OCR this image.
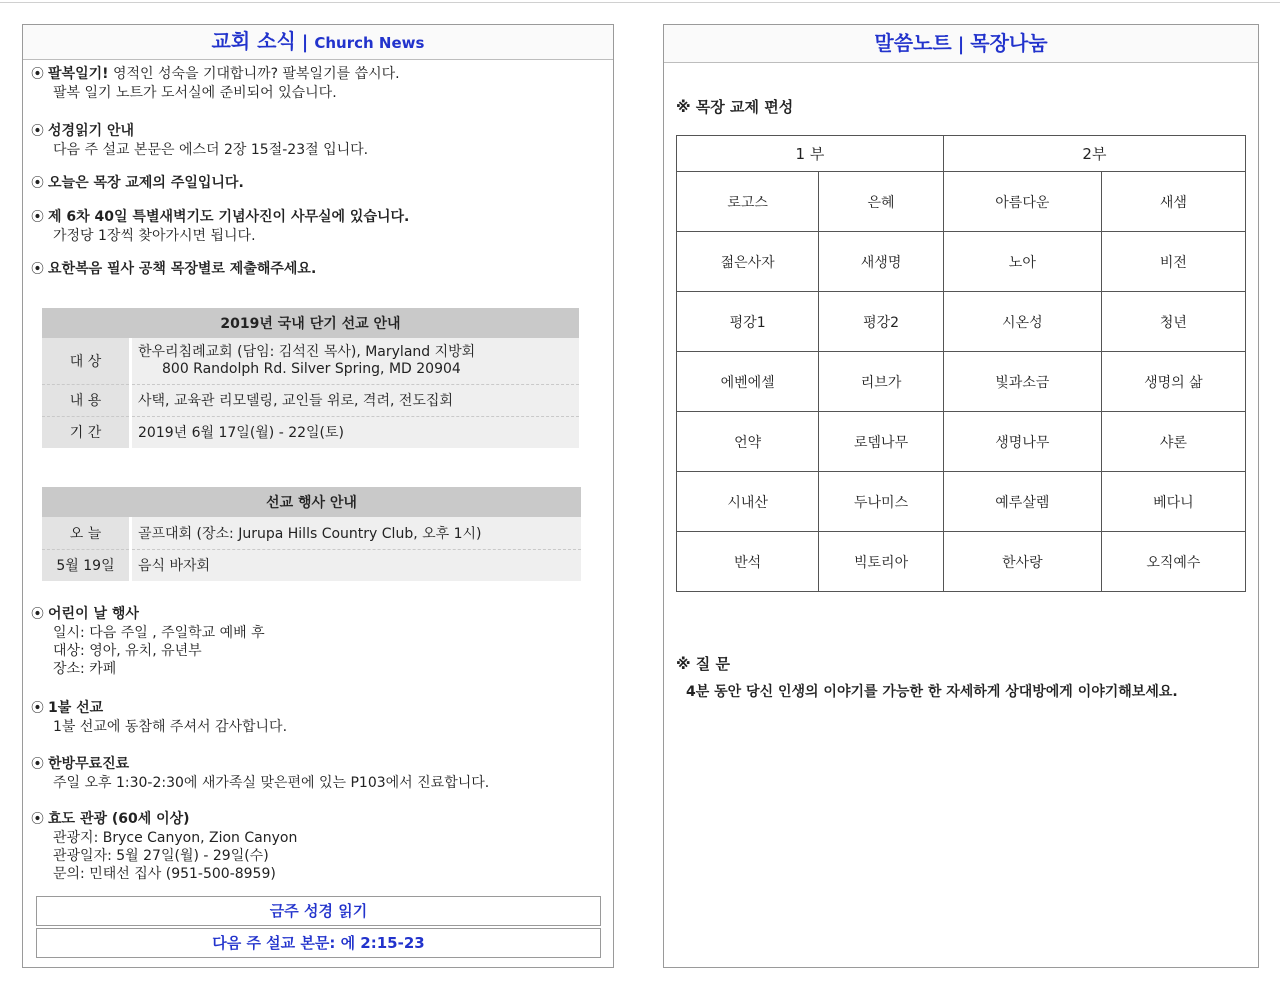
교회 소식 | Church News
⦿ 팔복일기! 영적인 성숙을 기대합니까? 팔복일기를 씁시다.
팔복 일기 노트가 도서실에 준비되어 있습니다.
⦿ 성경읽기 안내
다음 주 설교 본문은 에스더 2장 15절-23절 입니다.
⦿ 오늘은 목장 교제의 주일입니다.
⦿ 제 6차 40일 특별새벽기도 기념사진이 사무실에 있습니다.
가정당 1장씩 찾아가시면 됩니다.
⦿ 요한복음 필사 공책 목장별로 제출해주세요.
2019년 국내 단기 선교 안내	
대 상	한우리침례교회 (담임: 김석진 목사), Maryland 지방회
800 Randolph Rd. Silver Spring, MD 20904

내 용	사택, 교육관 리모델링, 교인들 위로, 격려, 전도집회
기 간	2019년 6월 17일(월) - 22일(토)
선교 행사 안내	
오 늘	골프대회 (장소: Jurupa Hills Country Club, 오후 1시)
5월 19일	음식 바자회
⦿ 어린이 날 행사
일시: 다음 주일 , 주일학교 예배 후
대상: 영아, 유치, 유년부
장소: 카페
⦿ 1불 선교
1불 선교에 동참해 주셔서 감사합니다.
⦿ 한방무료진료
주일 오후 1:30-2:30에 새가족실 맞은편에 있는 P103에서 진료합니다.
⦿ 효도 관광 (60세 이상)
관광지: Bryce Canyon, Zion Canyon
관광일자: 5월 27일(월) - 29일(수)
문의: 민태선 집사 (951-500-8959)
금주 성경 읽기
다음 주 설교 본문: 에 2:15-23
말씀노트 | 목장나눔
※ 목장 교제 편성
1 부		2부	
로고스	은혜	아름다운	새샘
젊은사자	새생명	노아	비전
평강1	평강2	시온성	청년
에벤에셀	리브가	빛과소금	생명의 삶
언약	로뎀나무	생명나무	샤론
시내산	두나미스	예루살렘	베다니
반석	빅토리아	한사랑	오직예수
※ 질 문
4분 동안 당신 인생의 이야기를 가능한 한 자세하게 상대방에게 이야기해보세요.
